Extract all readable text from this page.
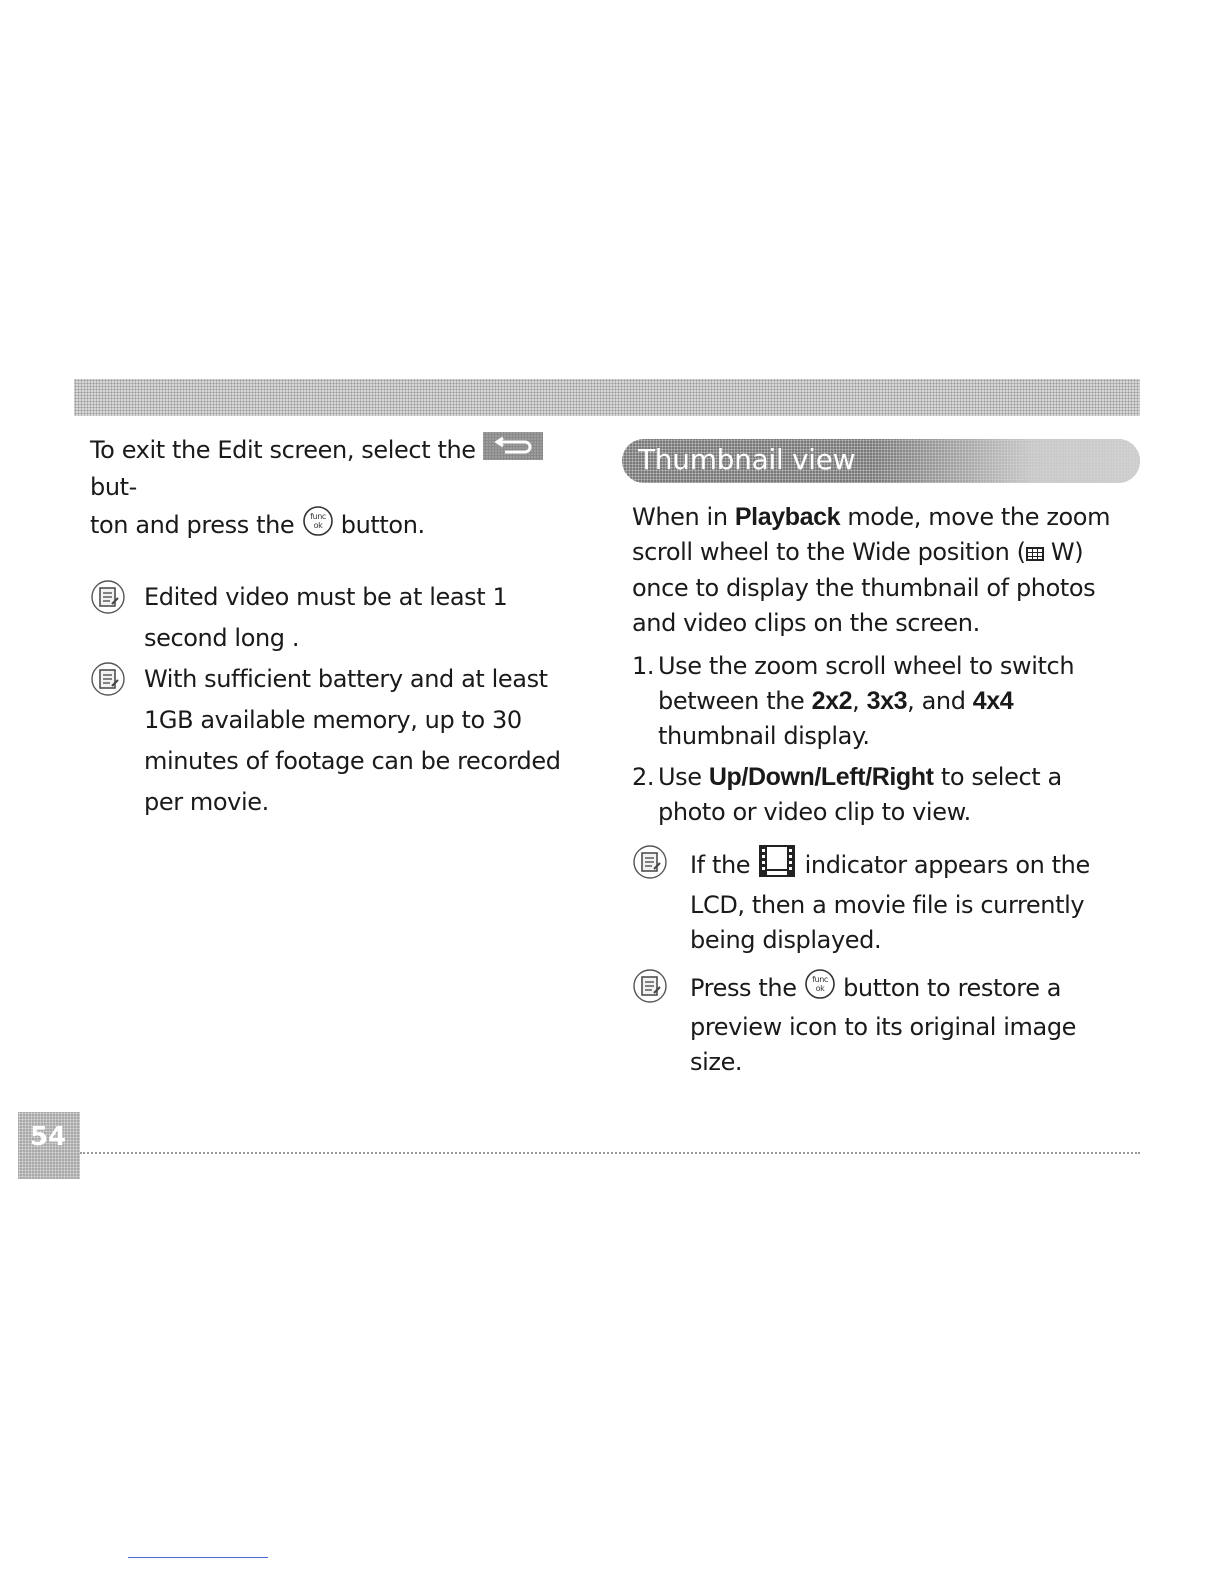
To exit the Edit screen, select the  but-
ton and press the func
ok button.

Edited video must be at least 1 second long .

With sufficient battery and at least 1GB available memory, up to 30 minutes of footage can be recorded per movie.

Thumbnail view

When in Playback mode, move the zoom scroll wheel to the Wide position ( W) once to display the thumbnail of photos and video clips on the screen.

1. Use the zoom scroll wheel to switch between the 2x2, 3x3, and 4x4 thumbnail display.

2. Use Up/Down/Left/Right to select a photo or video clip to view.

If the indicator appears on the LCD, then a movie file is currently being displayed.

Press the func
ok button to restore a preview icon to its original image size.

54
